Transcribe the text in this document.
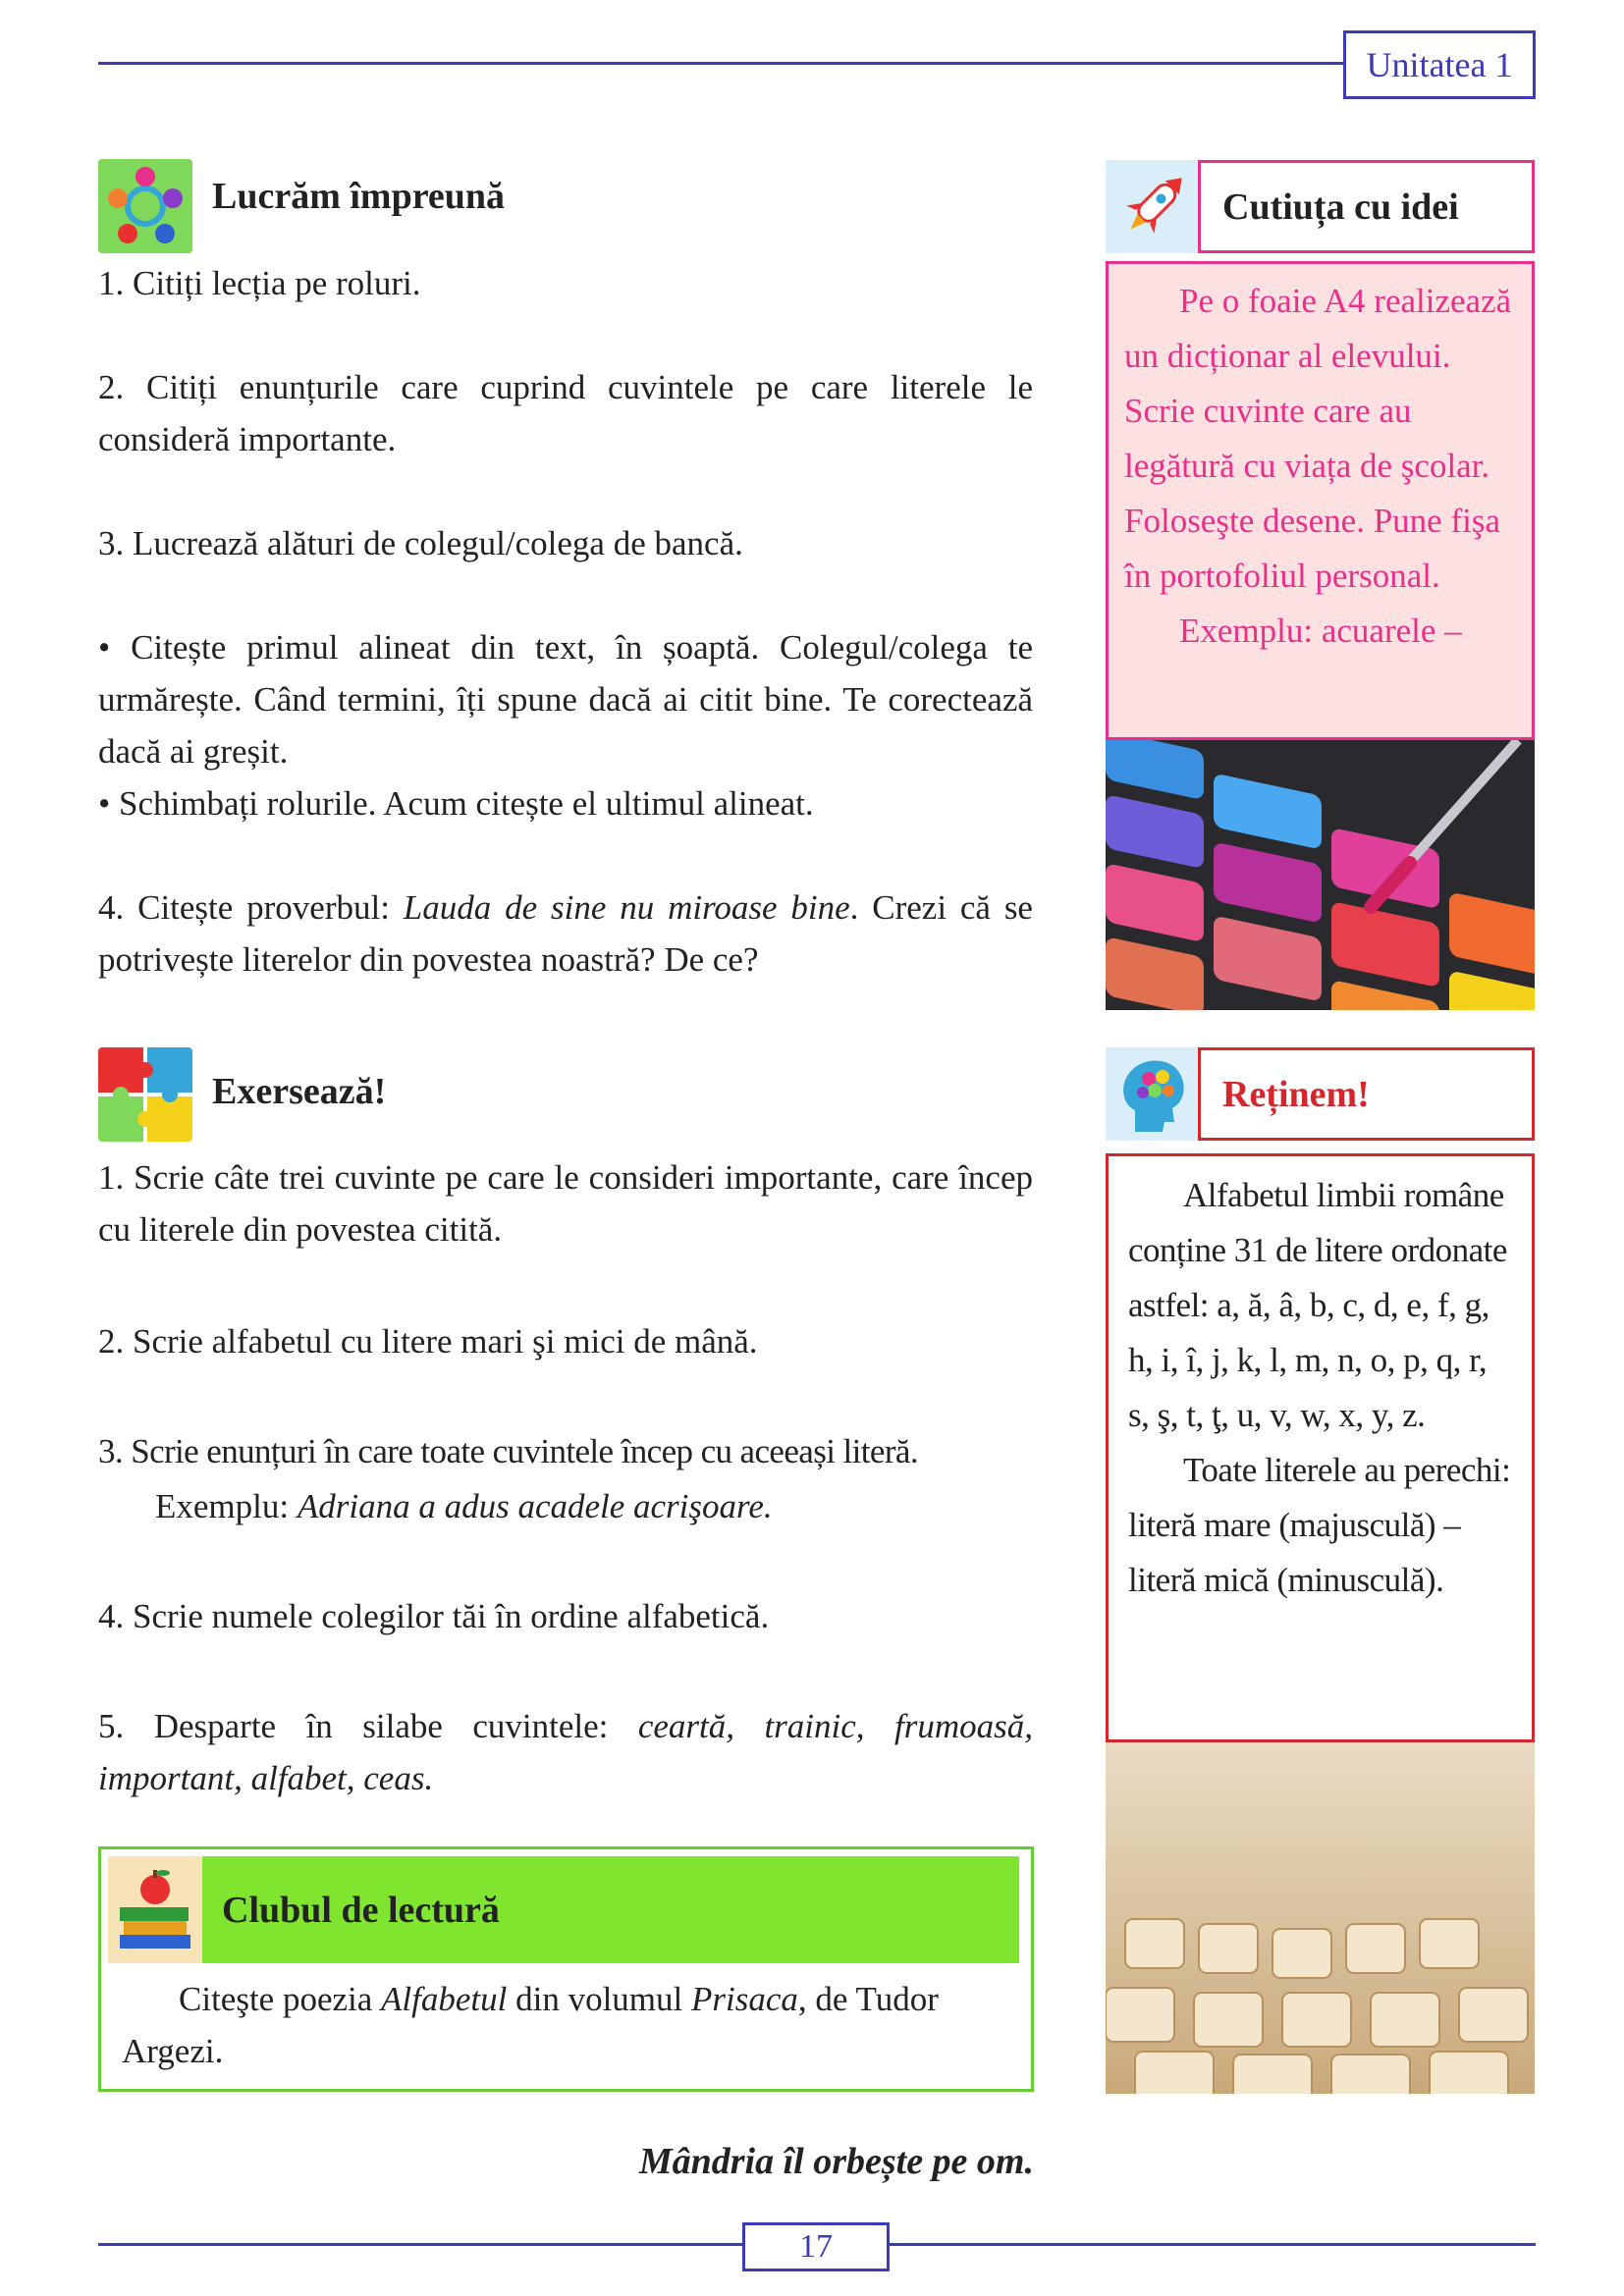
Unitatea 1
Lucrăm împreună
1. Citiți lecția pe roluri.
2. Citiți enunțurile care cuprind cuvintele pe care literele le consideră importante.
3. Lucrează alături de colegul/colega de bancă.
• Citește primul alineat din text, în șoaptă. Colegul/colega te urmărește. Când termini, îți spune dacă ai citit bine. Te corectează dacă ai greșit.
• Schimbați rolurile. Acum citește el ultimul alineat.
4. Citește proverbul: Lauda de sine nu miroase bine. Crezi că se potrivește literelor din povestea noastră? De ce?
Exersează!
1. Scrie câte trei cuvinte pe care le consideri importante, care încep cu literele din povestea citită.
2. Scrie alfabetul cu litere mari şi mici de mână.
3. Scrie enunțuri în care toate cuvintele încep cu aceeași literă.
Exemplu: Adriana a adus acadele acrişoare.
4. Scrie numele colegilor tăi în ordine alfabetică.
5. Desparte în silabe cuvintele: ceartă, trainic, frumoasă, important, alfabet, ceas.
Clubul de lectură
Citeşte poezia Alfabetul din volumul Prisaca, de Tudor Argezi.
Mândria îl orbește pe om.
Cutiuța cu idei
Pe o foaie A4 realizează un dicționar al elevului. Scrie cuvinte care au legătură cu viața de şcolar. Foloseşte desene. Pune fişa în portofoliul personal.
Exemplu: acuarele –
Reținem!
Alfabetul limbii române conține 31 de litere ordonate astfel: a, ă, â, b, c, d, e, f, g, h, i, î, j, k, l, m, n, o, p, q, r, s, ş, t, ţ, u, v, w, x, y, z.
Toate literele au perechi: literă mare (majusculă) – literă mică (minusculă).
17
